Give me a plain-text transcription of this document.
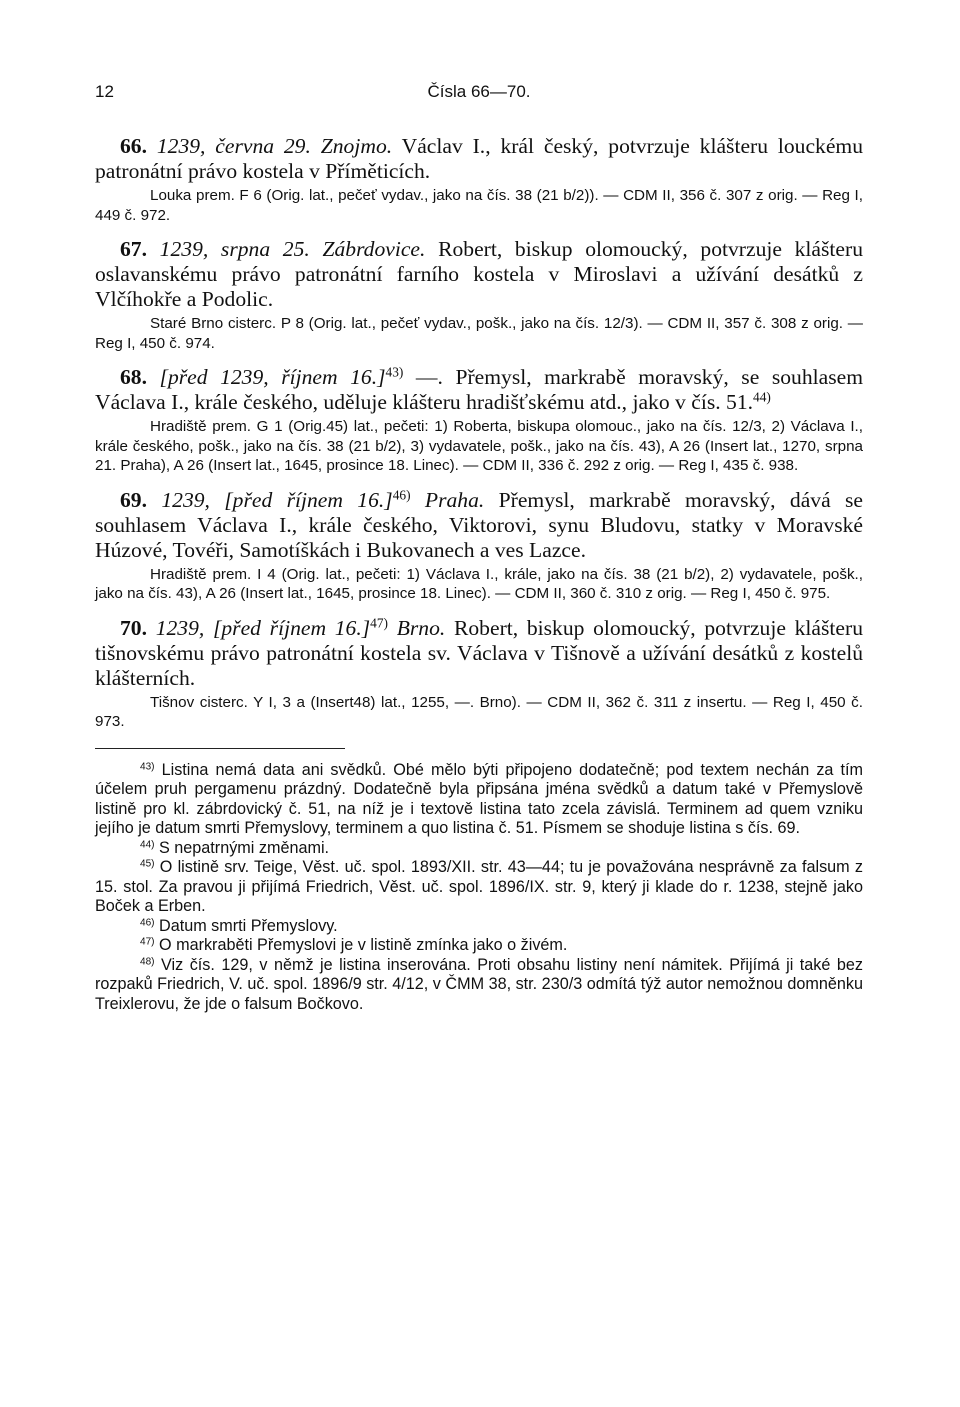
12	Čísla 66—70.

66. 1239, června 29. Znojmo. Václav I., král český, potvrzuje klášteru louckému patronátní právo kostela v Příměticích.

Louka prem. F 6 (Orig. lat., pečeť vydav., jako na čís. 38 (21 b/2)). — CDM II, 356 č. 307 z orig. — Reg I, 449 č. 972.

67. 1239, srpna 25. Zábrdovice. Robert, biskup olomoucký, potvrzuje klášteru oslavanskému právo patronátní farního kostela v Miroslavi a užívání desátků z Vlčíhokře a Podolic.

Staré Brno cisterc. P 8 (Orig. lat., pečeť vydav., pošk., jako na čís. 12/3). — CDM II, 357 č. 308 z orig. — Reg I, 450 č. 974.

68. [před 1239, říjnem 16.]$^{43)}$ —. Přemysl, markrabě moravský, se souhlasem Václava I., krále českého, uděluje klášteru hradišťskému atd., jako v čís. 51.$^{44)}$

Hradiště prem. G 1 (Orig.45) lat., pečeti: 1) Roberta, biskupa olomouc., jako na čís. 12/3, 2) Václava I., krále českého, pošk., jako na čís. 38 (21 b/2), 3) vydavatele, pošk., jako na čís. 43), A 26 (Insert lat., 1270, srpna 21. Praha), A 26 (Insert lat., 1645, prosince 18. Linec). — CDM II, 336 č. 292 z orig. — Reg I, 435 č. 938.

69. 1239, [před říjnem 16.]$^{46)}$ Praha. Přemysl, markrabě moravský, dává se souhlasem Václava I., krále českého, Viktorovi, synu Bludovu, statky v Moravské Húzové, Tovéři, Samotíškách i Bukovanech a ves Lazce.

Hradiště prem. I 4 (Orig. lat., pečeti: 1) Václava I., krále, jako na čís. 38 (21 b/2), 2) vydavatele, pošk., jako na čís. 43), A 26 (Insert lat., 1645, prosince 18. Linec). — CDM II, 360 č. 310 z orig. — Reg I, 450 č. 975.

70. 1239, [před říjnem 16.]$^{47)}$ Brno. Robert, biskup olomoucký, potvrzuje klášteru tišnovskému právo patronátní kostela sv. Václava v Tišnově a užívání desátků z kostelů klášterních.

Tišnov cisterc. Y I, 3 a (Insert48) lat., 1255, —. Brno). — CDM II, 362 č. 311 z insertu. — Reg I, 450 č. 973.

$^{43)}$ Listina nemá data ani svědků. Obé mělo býti připojeno dodatečně; pod textem nechán za tím účelem pruh pergamenu prázdný. Dodatečně byla připsána jména svědků a datum také v Přemyslově listině pro kl. zábrdovický č. 51, na níž je i textově listina tato zcela závislá. Terminem ad quem vzniku jejího je datum smrti Přemyslovy, terminem a quo listina č. 51. Písmem se shoduje listina s čís. 69.

$^{44)}$ S nepatrnými změnami.

$^{45)}$ O listině srv. Teige, Věst. uč. spol. 1893/XII. str. 43—44; tu je považována nesprávně za falsum z 15. stol. Za pravou ji přijímá Friedrich, Věst. uč. spol. 1896/IX. str. 9, který ji klade do r. 1238, stejně jako Boček a Erben.

$^{46)}$ Datum smrti Přemyslovy.

$^{47)}$ O markraběti Přemyslovi je v listině zmínka jako o živém.

$^{48)}$ Viz čís. 129, v němž je listina inserována. Proti obsahu listiny není námitek. Přijímá ji také bez rozpaků Friedrich, V. uč. spol. 1896/9 str. 4/12, v ČMM 38, str. 230/3 odmítá týž autor nemožnou domněnku Treixlerovu, že jde o falsum Bočkovo.
